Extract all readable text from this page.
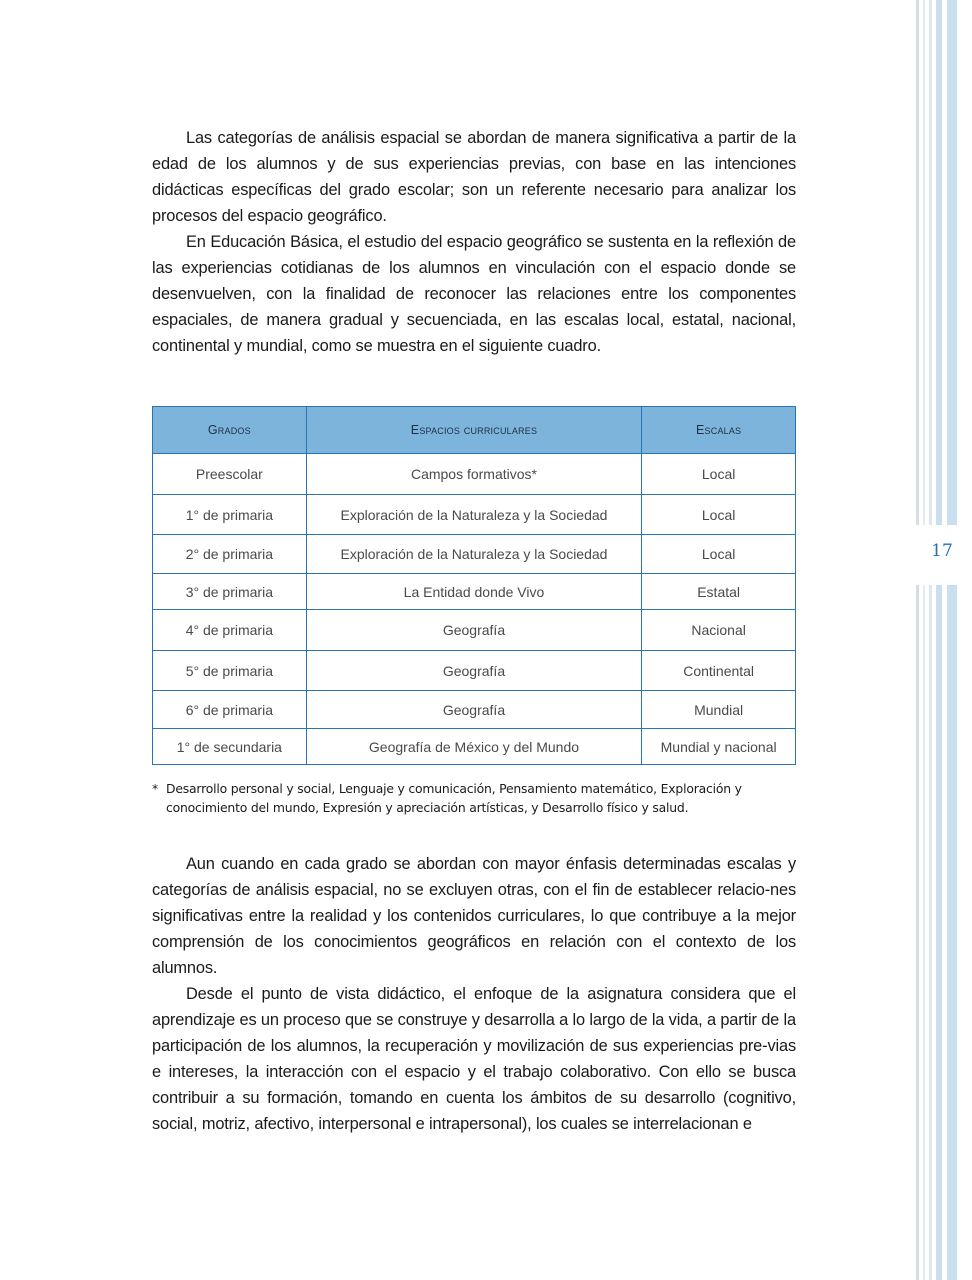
Las categorías de análisis espacial se abordan de manera significativa a partir de la edad de los alumnos y de sus experiencias previas, con base en las intenciones didácticas específicas del grado escolar; son un referente necesario para analizar los procesos del espacio geográfico.

En Educación Básica, el estudio del espacio geográfico se sustenta en la reflexión de las experiencias cotidianas de los alumnos en vinculación con el espacio donde se desenvuelven, con la finalidad de reconocer las relaciones entre los componentes espaciales, de manera gradual y secuenciada, en las escalas local, estatal, nacional, continental y mundial, como se muestra en el siguiente cuadro.

Grados	Espacios curriculares	Escalas
Preescolar	Campos formativos*	Local
1° de primaria	Exploración de la Naturaleza y la Sociedad	Local
2° de primaria	Exploración de la Naturaleza y la Sociedad	Local
3° de primaria	La Entidad donde Vivo	Estatal
4° de primaria	Geografía	Nacional
5° de primaria	Geografía	Continental
6° de primaria	Geografía	Mundial
1° de secundaria	Geografía de México y del Mundo	Mundial y nacional
* Desarrollo personal y social, Lenguaje y comunicación, Pensamiento matemático, Exploración y conocimiento del mundo, Expresión y apreciación artísticas, y Desarrollo físico y salud.

Aun cuando en cada grado se abordan con mayor énfasis determinadas escalas y categorías de análisis espacial, no se excluyen otras, con el fin de establecer relacio-nes significativas entre la realidad y los contenidos curriculares, lo que contribuye a la mejor comprensión de los conocimientos geográficos en relación con el contexto de los alumnos.

Desde el punto de vista didáctico, el enfoque de la asignatura considera que el aprendizaje es un proceso que se construye y desarrolla a lo largo de la vida, a partir de la participación de los alumnos, la recuperación y movilización de sus experiencias pre-vias e intereses, la interacción con el espacio y el trabajo colaborativo. Con ello se busca contribuir a su formación, tomando en cuenta los ámbitos de su desarrollo (cognitivo, social, motriz, afectivo, interpersonal e intrapersonal), los cuales se interrelacionan e

17
